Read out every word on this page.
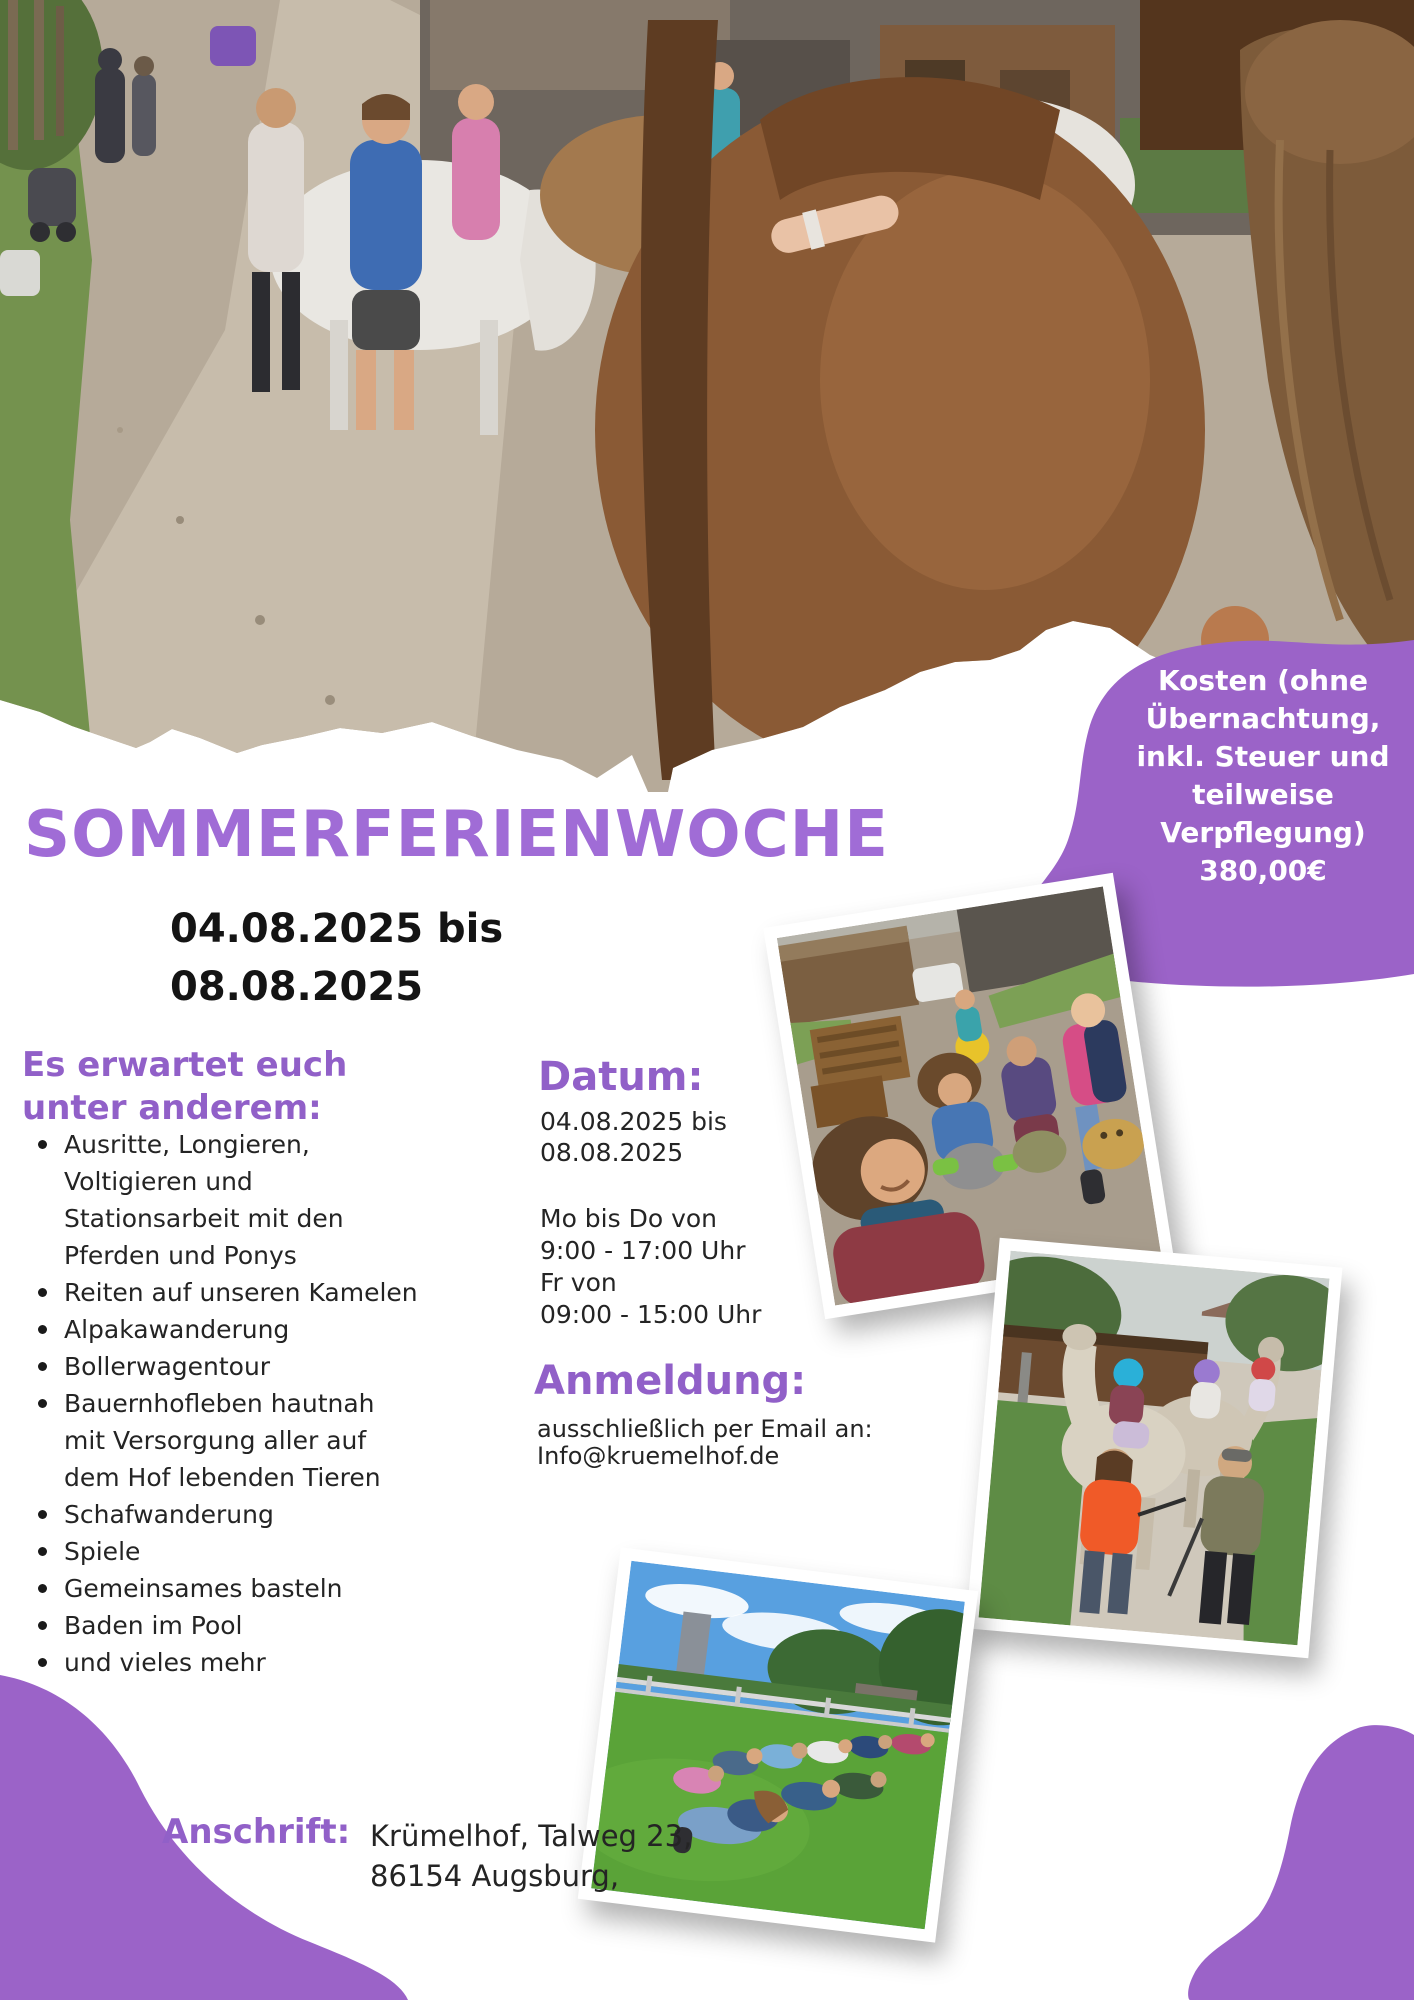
Kosten (ohne
Übernachtung,
inkl. Steuer und
teilweise
Verpflegung)
380,00€
SOMMERFERIENWOCHE
04.08.2025 bis
08.08.2025
Es erwartet euch
unter anderem:
Ausritte, Longieren, Voltigieren und Stationsarbeit mit den Pferden und Ponys
Reiten auf unseren Kamelen
Alpakawanderung
Bollerwagentour
Bauernhofleben hautnah mit Versorgung aller auf dem Hof lebenden Tieren
Schafwanderung
Spiele
Gemeinsames basteln
Baden im Pool
und vieles mehr
Datum:
04.08.2025 bis
08.08.2025
Mo bis Do von
9:00 - 17:00 Uhr
Fr von
09:00 - 15:00 Uhr
Anmeldung:
ausschließlich per Email an:
Info@kruemelhof.de
Anschrift: Krümelhof, Talweg 23,
86154 Augsburg,
